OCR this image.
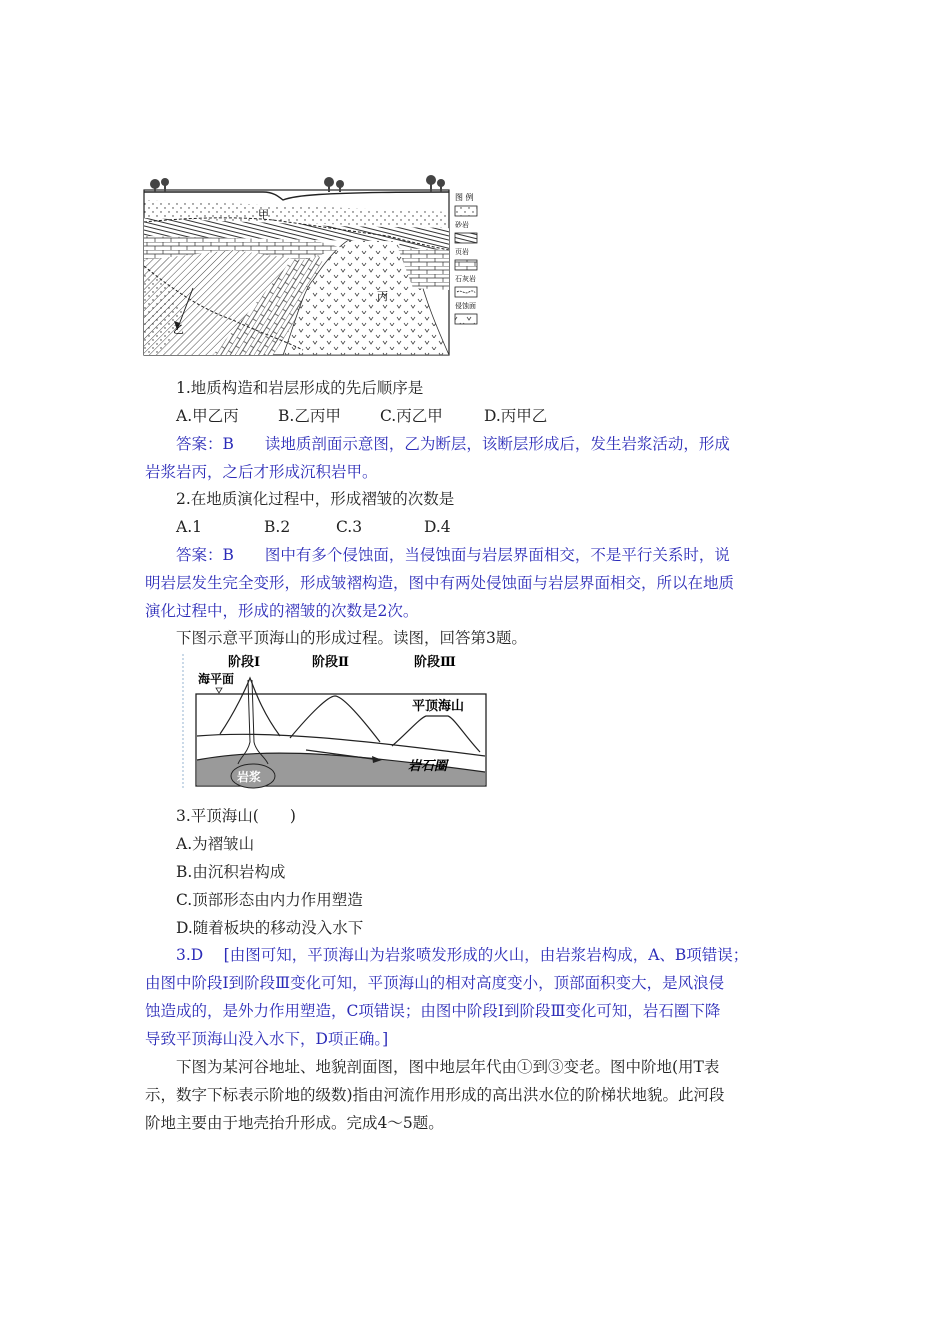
甲
乙
丙
图 例
砂岩
页岩
石灰岩
侵蚀面
1.地质构造和岩层形成的先后顺序是
A.甲乙丙	B.乙丙甲	C.丙乙甲	D.丙甲乙
答案：B　　读地质剖面示意图，乙为断层，该断层形成后，发生岩浆活动，形成
岩浆岩丙，之后才形成沉积岩甲。
2.在地质演化过程中，形成褶皱的次数是
A.1	B.2	C.3	D.4
答案：B　　图中有多个侵蚀面，当侵蚀面与岩层界面相交，不是平行关系时，说
明岩层发生完全变形，形成皱褶构造，图中有两处侵蚀面与岩层界面相交，所以在地质
演化过程中，形成的褶皱的次数是2次。
下图示意平顶海山的形成过程。读图，回答第3题。
阶段Ⅰ	阶段Ⅱ	阶段Ⅲ
海平面
岩浆
平顶海山
岩石圈
3.平顶海山(　　)
A.为褶皱山
B.由沉积岩构成
C.顶部形态由内力作用塑造
D.随着板块的移动没入水下
3.D　 [由图可知，平顶海山为岩浆喷发形成的火山，由岩浆岩构成，A、B项错误；
由图中阶段Ⅰ到阶段Ⅲ变化可知，平顶海山的相对高度变小，顶部面积变大，是风浪侵
蚀造成的，是外力作用塑造，C项错误；由图中阶段Ⅰ到阶段Ⅲ变化可知，岩石圈下降
导致平顶海山没入水下，D项正确。]
下图为某河谷地址、地貌剖面图，图中地层年代由①到③变老。图中阶地(用T表
示，数字下标表示阶地的级数)指由河流作用形成的高出洪水位的阶梯状地貌。此河段
阶地主要由于地壳抬升形成。完成4～5题。
